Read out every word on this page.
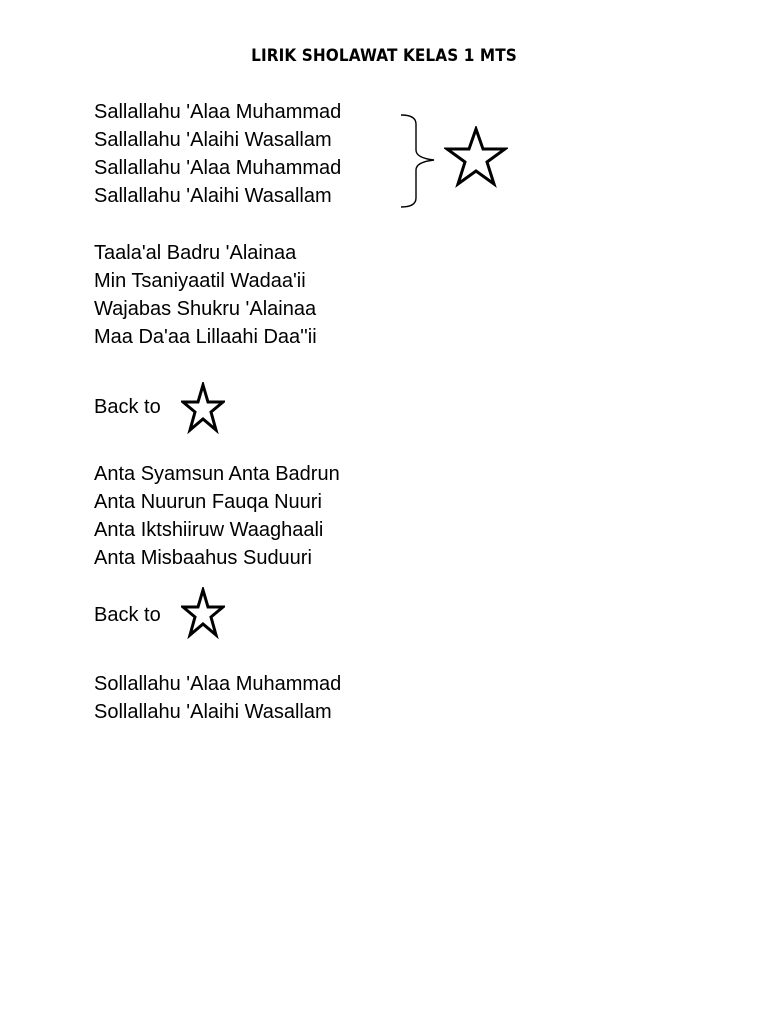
LIRIK SHOLAWAT KELAS 1 MTS
Sallallahu 'Alaa Muhammad
Sallallahu 'Alaihi Wasallam
Sallallahu 'Alaa Muhammad
Sallallahu 'Alaihi Wasallam
Taala'al Badru 'Alainaa
Min Tsaniyaatil Wadaa'ii
Wajabas Shukru 'Alainaa
Maa Da'aa Lillaahi Daa''ii
Back to
Anta Syamsun Anta Badrun
Anta Nuurun Fauqa Nuuri
Anta Iktshiiruw Waaghaali
Anta Misbaahus Suduuri
Back to
Sollallahu 'Alaa Muhammad
Sollallahu 'Alaihi Wasallam
